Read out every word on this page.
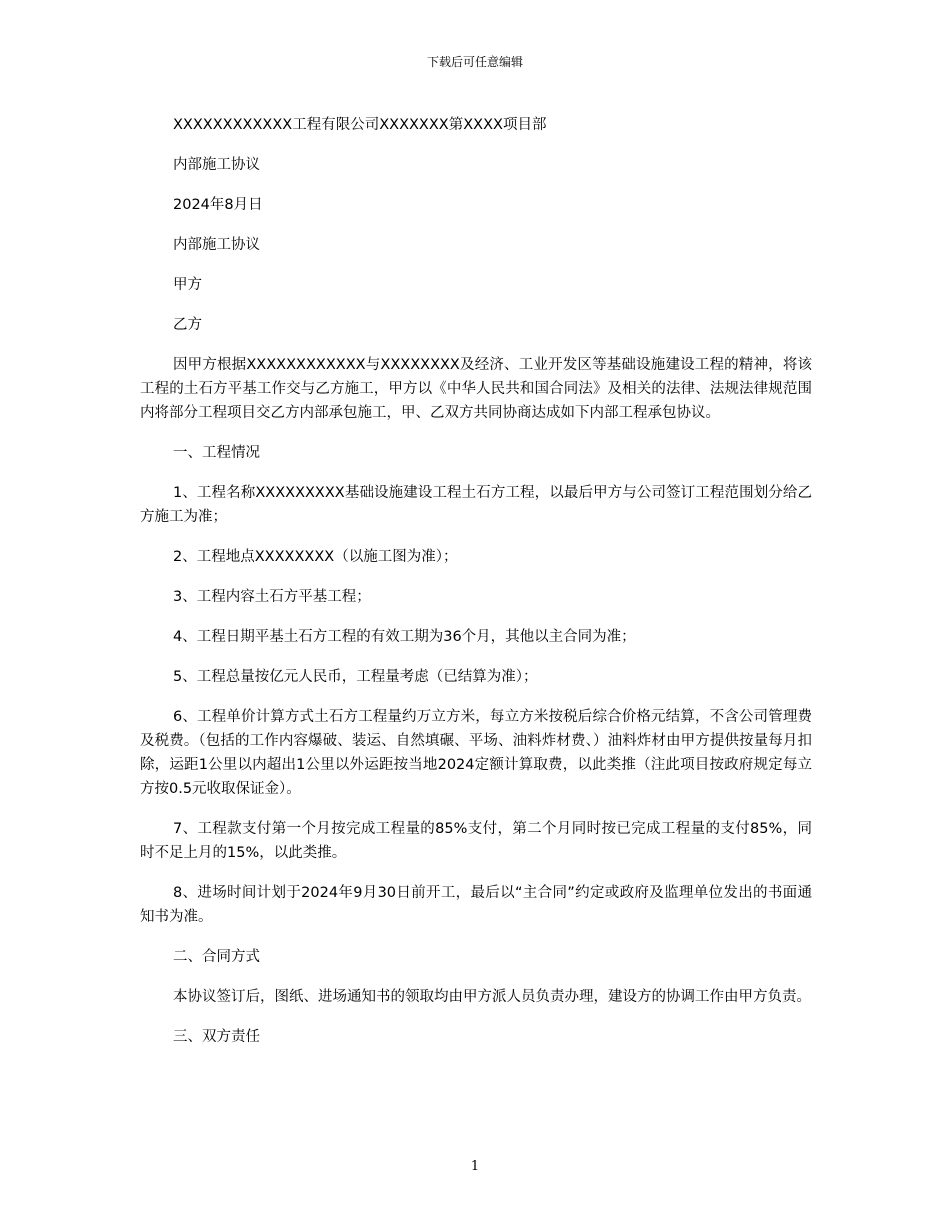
下载后可任意编辑

XXXXXXXXXXXX工程有限公司XXXXXXX第XXXX项目部

内部施工协议

2024年8月日

内部施工协议

甲方

乙方

因甲方根据XXXXXXXXXXXX与XXXXXXXX及经济、工业开发区等基础设施建设工程的精神，将该工程的土石方平基工作交与乙方施工，甲方以《中华人民共和国合同法》及相关的法律、法规法律规范围内将部分工程项目交乙方内部承包施工，甲、乙双方共同协商达成如下内部工程承包协议。

一、工程情况

1、工程名称XXXXXXXXX基础设施建设工程土石方工程，以最后甲方与公司签订工程范围划分给乙方施工为准；

2、工程地点XXXXXXXX（以施工图为准）；

3、工程内容土石方平基工程；

4、工程日期平基土石方工程的有效工期为36个月，其他以主合同为准；

5、工程总量按亿元人民币，工程量考虑（已结算为准）；

6、工程单价计算方式土石方工程量约万立方米，每立方米按税后综合价格元结算，不含公司管理费及税费。（包括的工作内容爆破、装运、自然填碾、平场、油料炸材费、）油料炸材由甲方提供按量每月扣除，运距1公里以内超出1公里以外运距按当地2024定额计算取费，以此类推（注此项目按政府规定每立方按0.5元收取保证金）。

7、工程款支付第一个月按完成工程量的85%支付，第二个月同时按已完成工程量的支付85%，同时不足上月的15%，以此类推。

8、进场时间计划于2024年9月30日前开工，最后以“主合同”约定或政府及监理单位发出的书面通知书为准。

二、合同方式

本协议签订后，图纸、进场通知书的领取均由甲方派人员负责办理，建设方的协调工作由甲方负责。

三、双方责任

1
